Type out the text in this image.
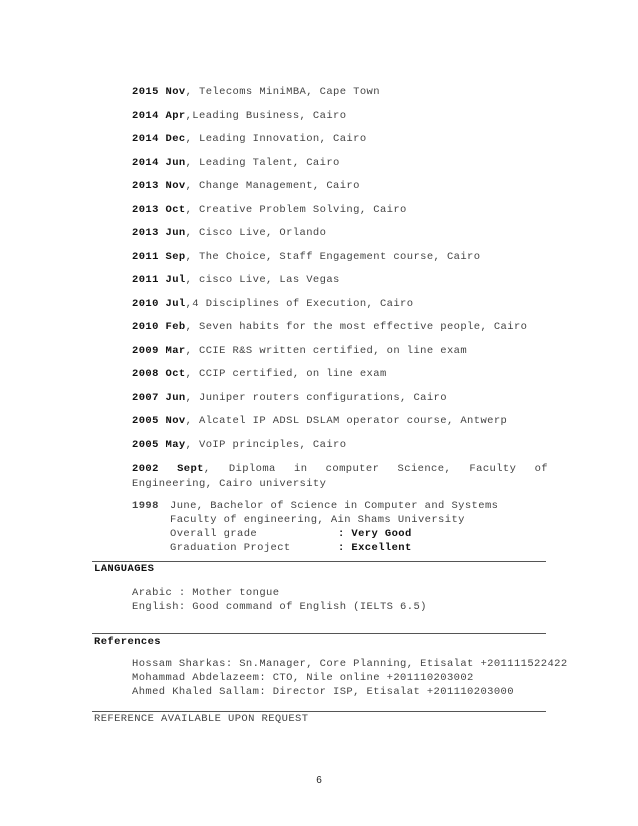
2015 Nov, Telecoms MiniMBA, Cape Town
2014 Apr,Leading Business, Cairo
2014 Dec, Leading Innovation, Cairo
2014 Jun, Leading Talent, Cairo
2013 Nov, Change Management, Cairo
2013 Oct, Creative Problem Solving, Cairo
2013 Jun, Cisco Live, Orlando
2011 Sep, The Choice, Staff Engagement course, Cairo
2011 Jul, cisco Live, Las Vegas
2010 Jul,4 Disciplines of Execution, Cairo
2010 Feb, Seven habits for the most effective people, Cairo
2009 Mar, CCIE R&S written certified, on line exam
2008 Oct, CCIP certified, on line exam
2007 Jun, Juniper routers configurations, Cairo
2005 Nov, Alcatel IP ADSL DSLAM operator course, Antwerp
2005 May, VoIP principles, Cairo
2002 Sept, Diploma in computer Science, Faculty of Engineering, Cairo university
1998 June, Bachelor of Science in Computer and Systems
Faculty of engineering, Ain Shams University
Overall grade	: Very Good
Graduation Project	: Excellent
LANGUAGES
Arabic : Mother tongue
English: Good command of English (IELTS 6.5)
References
Hossam Sharkas: Sn.Manager, Core Planning, Etisalat +201111522422
Mohammad Abdelazeem: CTO, Nile online +201110203002
Ahmed Khaled Sallam: Director ISP, Etisalat +201110203000
REFERENCE AVAILABLE UPON REQUEST
6
